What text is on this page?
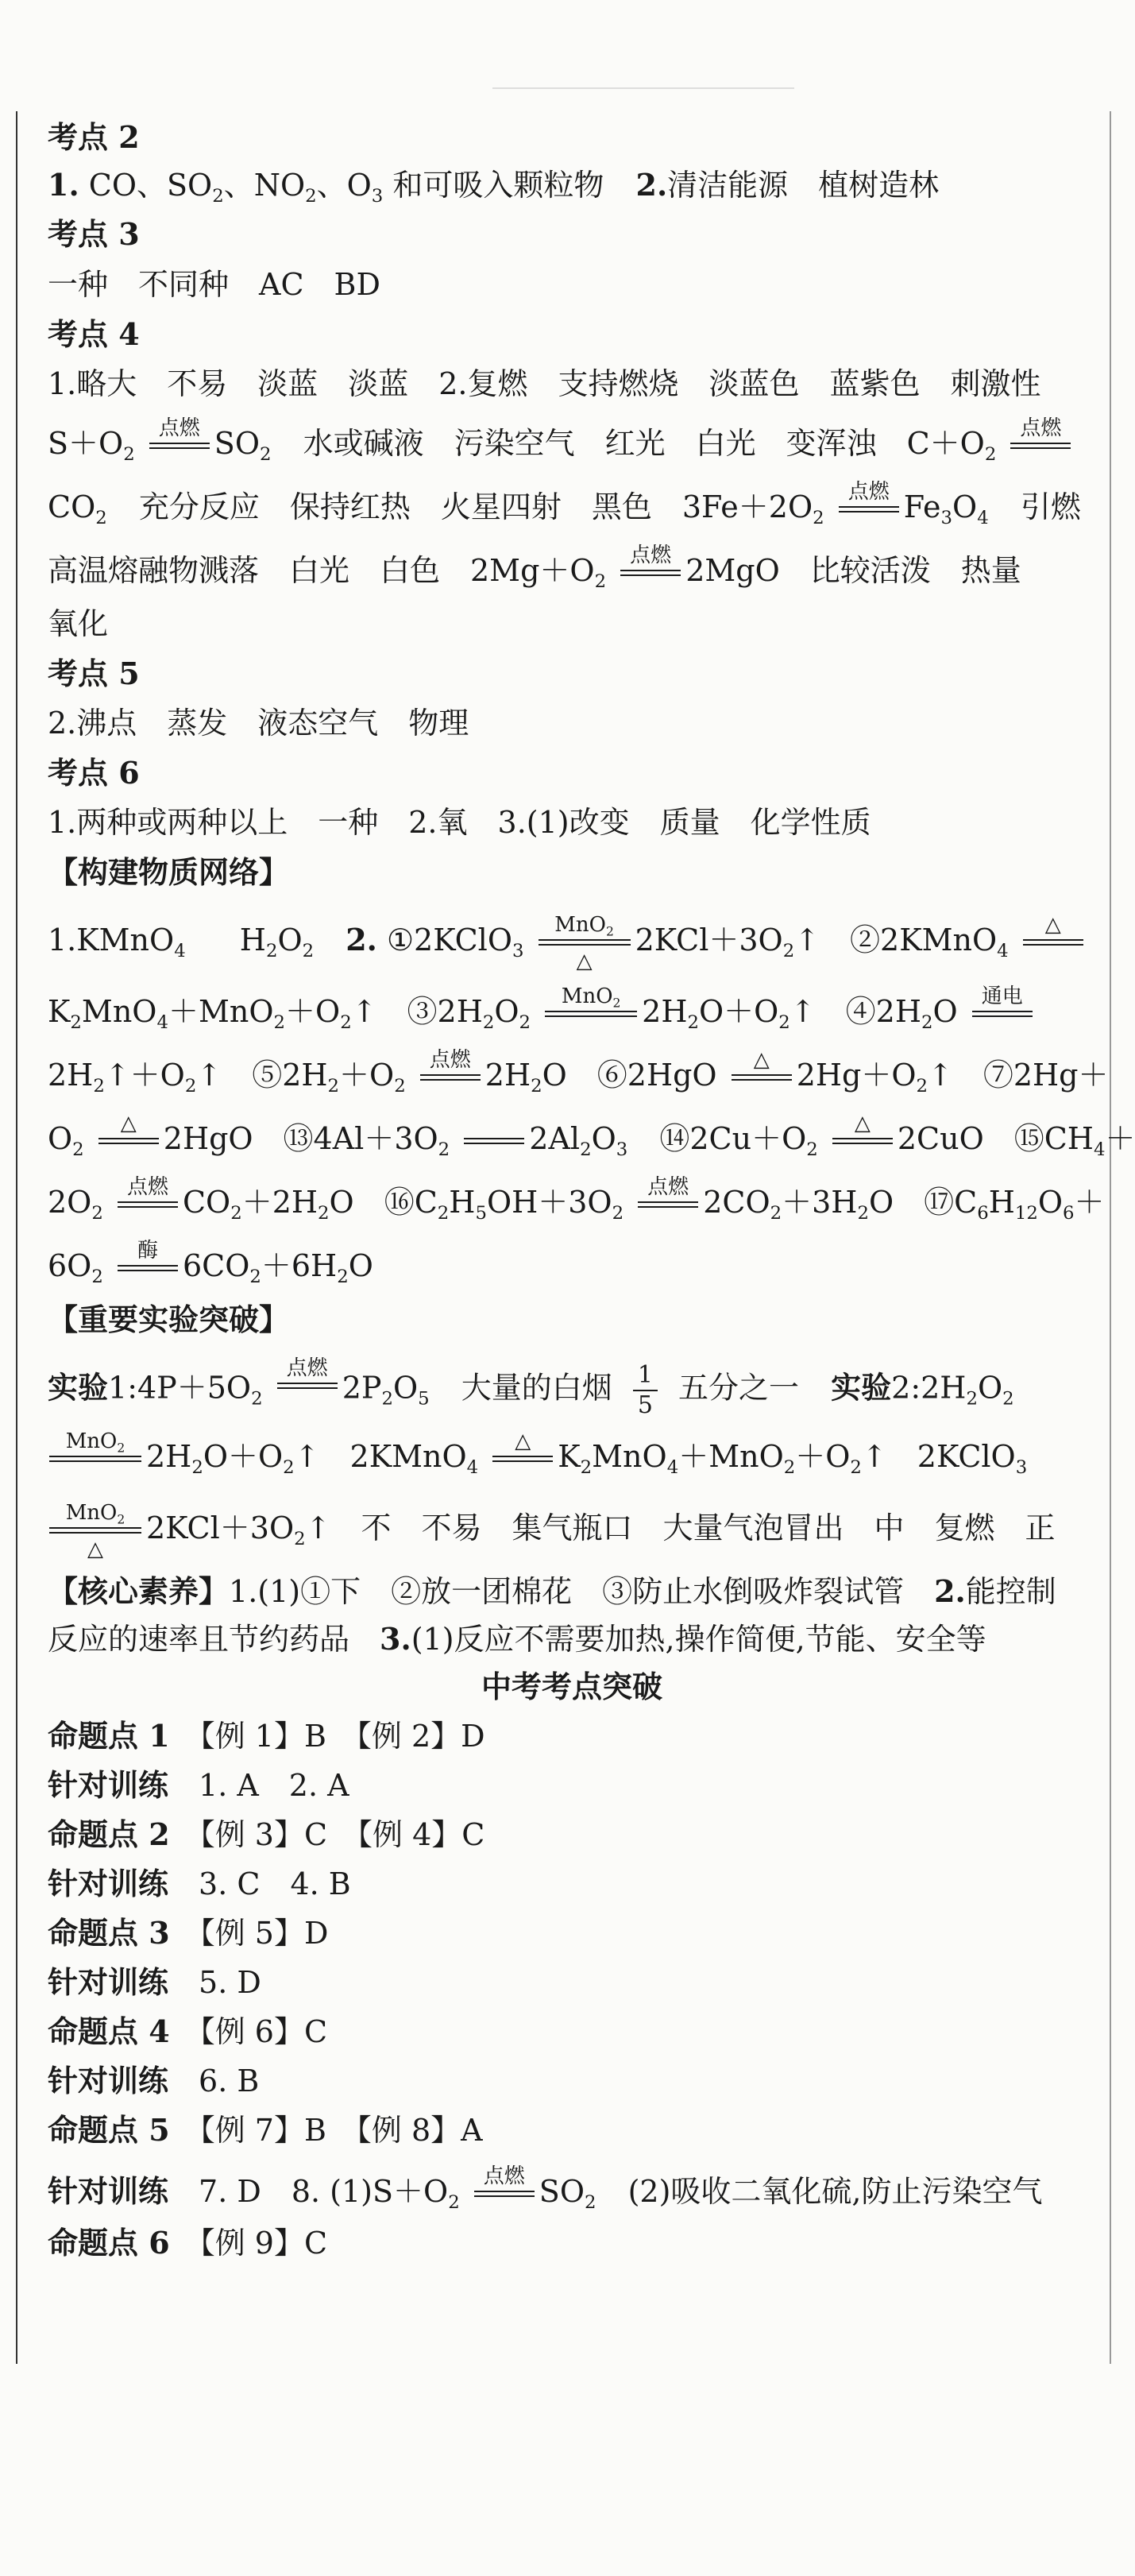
考点 2
1. CO、$SO_2$、$NO_2$、$O_3$ 和可吸入颗粒物 2.清洁能源　植树造林
考点 3
一种　不同种　AC　BD
考点 4
1.略大　不易　淡蓝　淡蓝　2.复燃　支持燃烧　淡蓝色　蓝紫色　刺激性
$S+O_2$
点燃 $SO_2$ 水或碱液　污染空气　红光　白光　变浑浊　$C+O_2$
点燃
$CO_2$ 充分反应　保持红热　火星四射　黑色　$3Fe+2O_2$
点燃 $Fe_3O_4$ 引燃
高温熔融物溅落　白光　白色　$2Mg+O_2$
点燃 2MgO　比较活泼　热量
氧化
考点 5
2.沸点　蒸发　液态空气　物理
考点 6
1.两种或两种以上　一种　2.氧　3.(1)改变　质量　化学性质
【构建物质网络】
1.KMnO$_4$ $H_2O_2$ 2. ①2KClO$_3$
MnO$_2$
△
$2KCl+3O_2↑$　②2KMnO$_4$
△
$K_2MnO_4+MnO_2+O_2↑$　$③2H_2O_2$
MnO$_2$ $2H_2O+O_2↑$　$④2H_2O$	通电
$2H_2↑+O_2↑$　$⑤2H_2+O_2$
点燃 $2H_2O$　⑥2HgO	△ $2Hg+O_2↑$　⑦2Hg＋
$O_2$
△ 2HgO　$⑬4Al+3O_2$	$2Al_2O_3$ $⑭2Cu+O_2$
△ 2CuO　$⑮CH_4+$
$2O_2$
点燃 $CO_2+2H_2O$　$⑯C_2H_5OH+3O_2$
点燃 $2CO_2+3H_2O$　$⑰C_6H_{12}O_6+$
$6O_2$
酶 $6CO_2+6H_2O$
【重要实验突破】
实验$1:4P+5O_2$
点燃
$2P_2O_5$ 大量的白烟 $\frac{1}{5}$ 五分之一 实验$2:2H_2O_2$
MnO$_2$ $2H_2O+O_2↑$　2KMnO$_4$
△ $K_2MnO_4+MnO_2+O_2↑$　2KClO$_3$
MnO$_2$
△
$2KCl+3O_2↑$　不　不易　集气瓶口　大量气泡冒出　中　复燃　正
【核心素养】1.(1)①下　②放一团棉花　③防止水倒吸炸裂试管　2.能控制
反应的速率且节约药品　3.(1)反应不需要加热,操作简便,节能、安全等
中考考点突破
命题点 1　 【例 1】B　【例 2】D
针对训练　 1. A　2. A
命题点 2　 【例 3】C　【例 4】C
针对训练　 3. C　4. B
命题点 3　 【例 5】D
针对训练　 5. D
命题点 4　 【例 6】C
针对训练　 6. B
命题点 5　 【例 7】B　【例 8】A
针对训练　 7. D　8. $(1)S+O_2$
点燃 $SO_2$ (2)吸收二氧化硫,防止污染空气
命题点 6　 【例 9】C
